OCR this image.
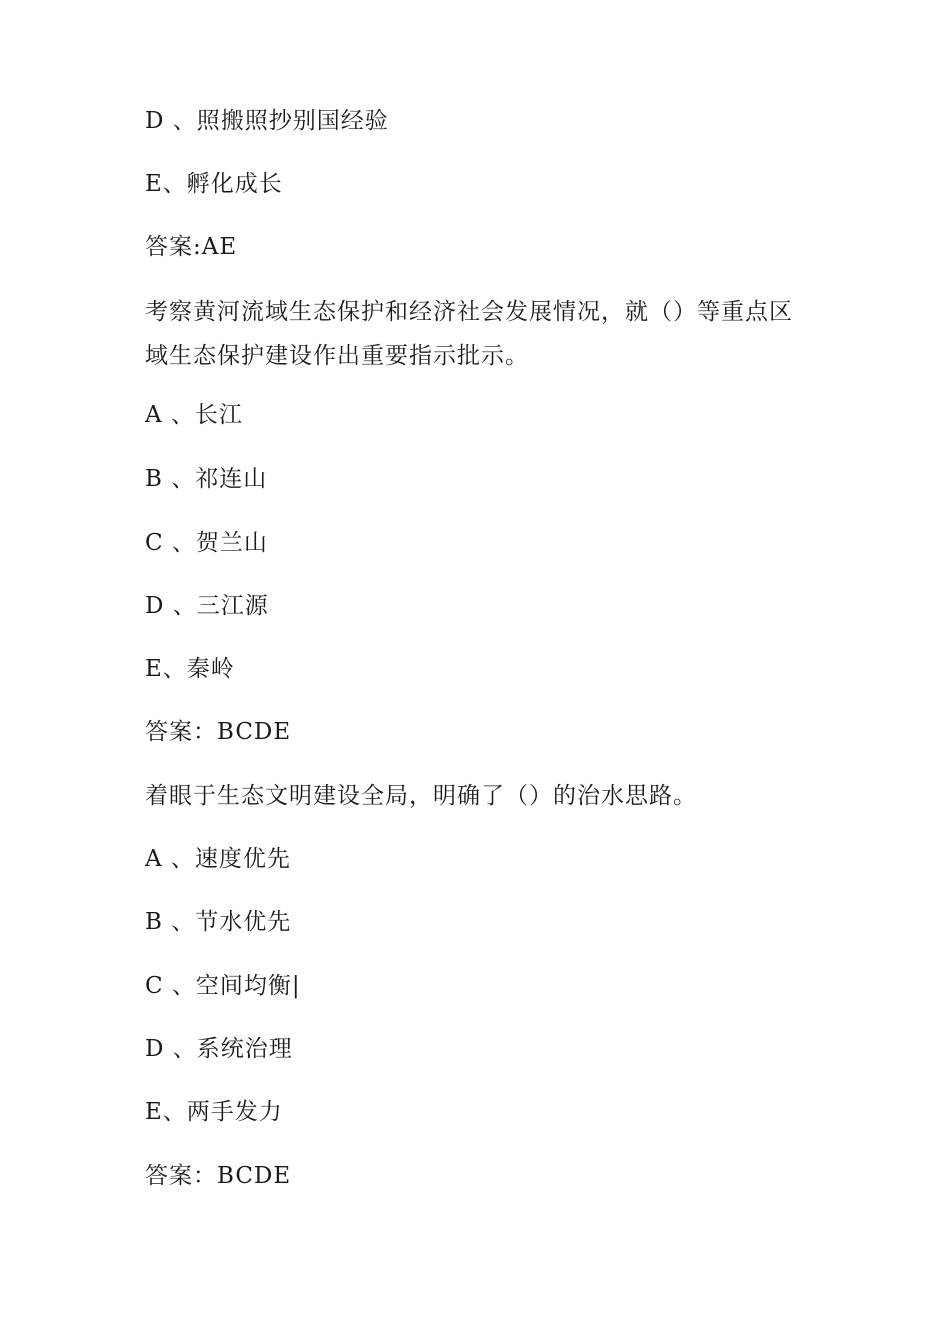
D 、照搬照抄别国经验
E、孵化成长
答案:AE
考察黄河流域生态保护和经济社会发展情况，就（）等重点区域生态保护建设作出重要指示批示。
A 、长江
B 、祁连山
C 、贺兰山
D 、三江源
E、秦岭
答案：BCDE
着眼于生态文明建设全局，明确了（）的治水思路。
A 、速度优先
B 、节水优先
C 、空间均衡|
D 、系统治理
E、两手发力
答案：BCDE
